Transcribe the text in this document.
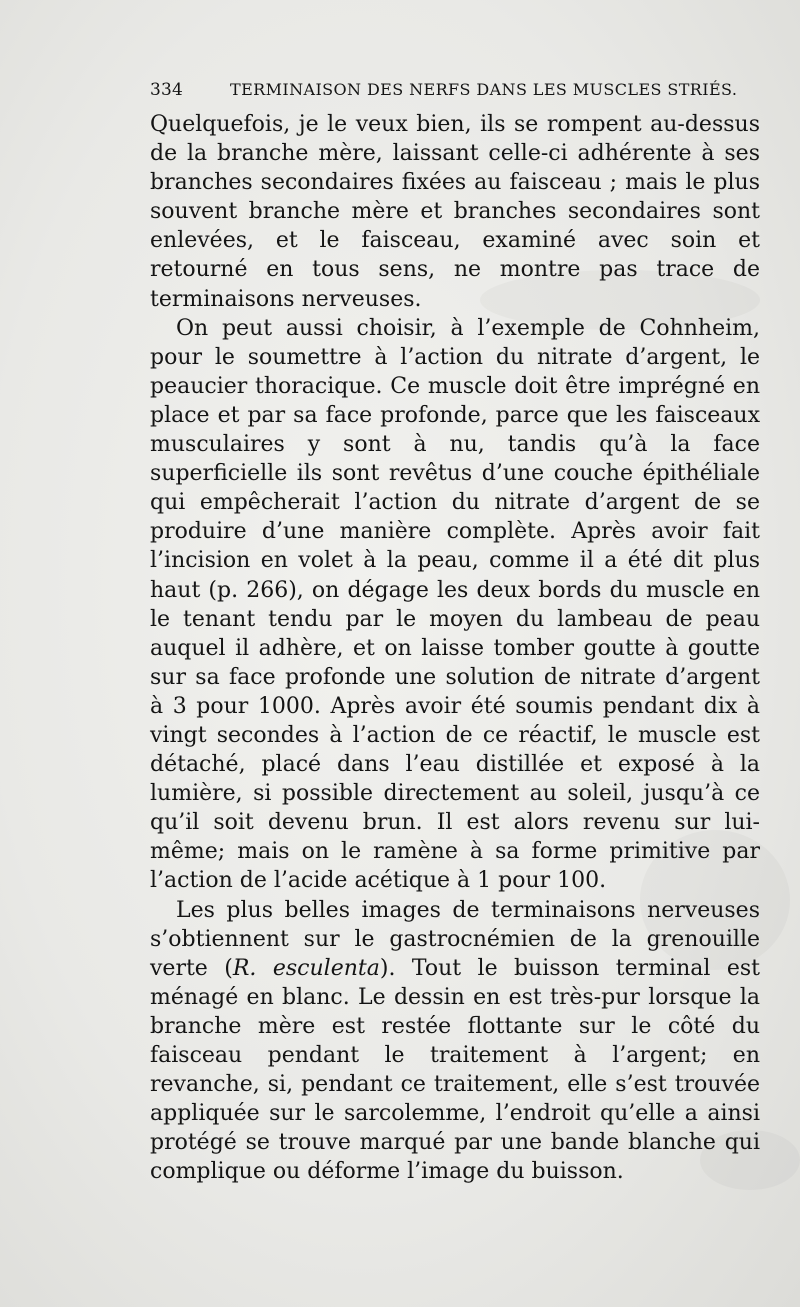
334	TERMINAISON DES NERFS DANS LES MUSCLES STRIÉS.

Quelquefois, je le veux bien, ils se rompent au-dessus de la branche mère, laissant celle-ci adhérente à ses branches secondaires fixées au faisceau ; mais le plus souvent branche mère et branches secondaires sont enlevées, et le faisceau, examiné avec soin et retourné en tous sens, ne montre pas trace de terminaisons nerveuses.

On peut aussi choisir, à l’exemple de Cohnheim, pour le soumettre à l’action du nitrate d’argent, le peaucier thoracique. Ce muscle doit être imprégné en place et par sa face profonde, parce que les faisceaux musculaires y sont à nu, tandis qu’à la face superficielle ils sont revêtus d’une couche épithéliale qui empêcherait l’action du nitrate d’argent de se produire d’une manière complète. Après avoir fait l’incision en volet à la peau, comme il a été dit plus haut (p. 266), on dégage les deux bords du muscle en le tenant tendu par le moyen du lambeau de peau auquel il adhère, et on laisse tomber goutte à goutte sur sa face profonde une solution de nitrate d’argent à 3 pour 1000. Après avoir été soumis pendant dix à vingt secondes à l’action de ce réactif, le muscle est détaché, placé dans l’eau distillée et exposé à la lumière, si possible directement au soleil, jusqu’à ce qu’il soit devenu brun. Il est alors revenu sur lui-même; mais on le ramène à sa forme primitive par l’action de l’acide acétique à 1 pour 100.

Les plus belles images de terminaisons nerveuses s’obtiennent sur le gastrocnémien de la grenouille verte (R. esculenta). Tout le buisson terminal est ménagé en blanc. Le dessin en est très-pur lorsque la branche mère est restée flottante sur le côté du faisceau pendant le traitement à l’argent; en revanche, si, pendant ce traitement, elle s’est trouvée appliquée sur le sarcolemme, l’endroit qu’elle a ainsi protégé se trouve marqué par une bande blanche qui complique ou déforme l’image du buisson.
